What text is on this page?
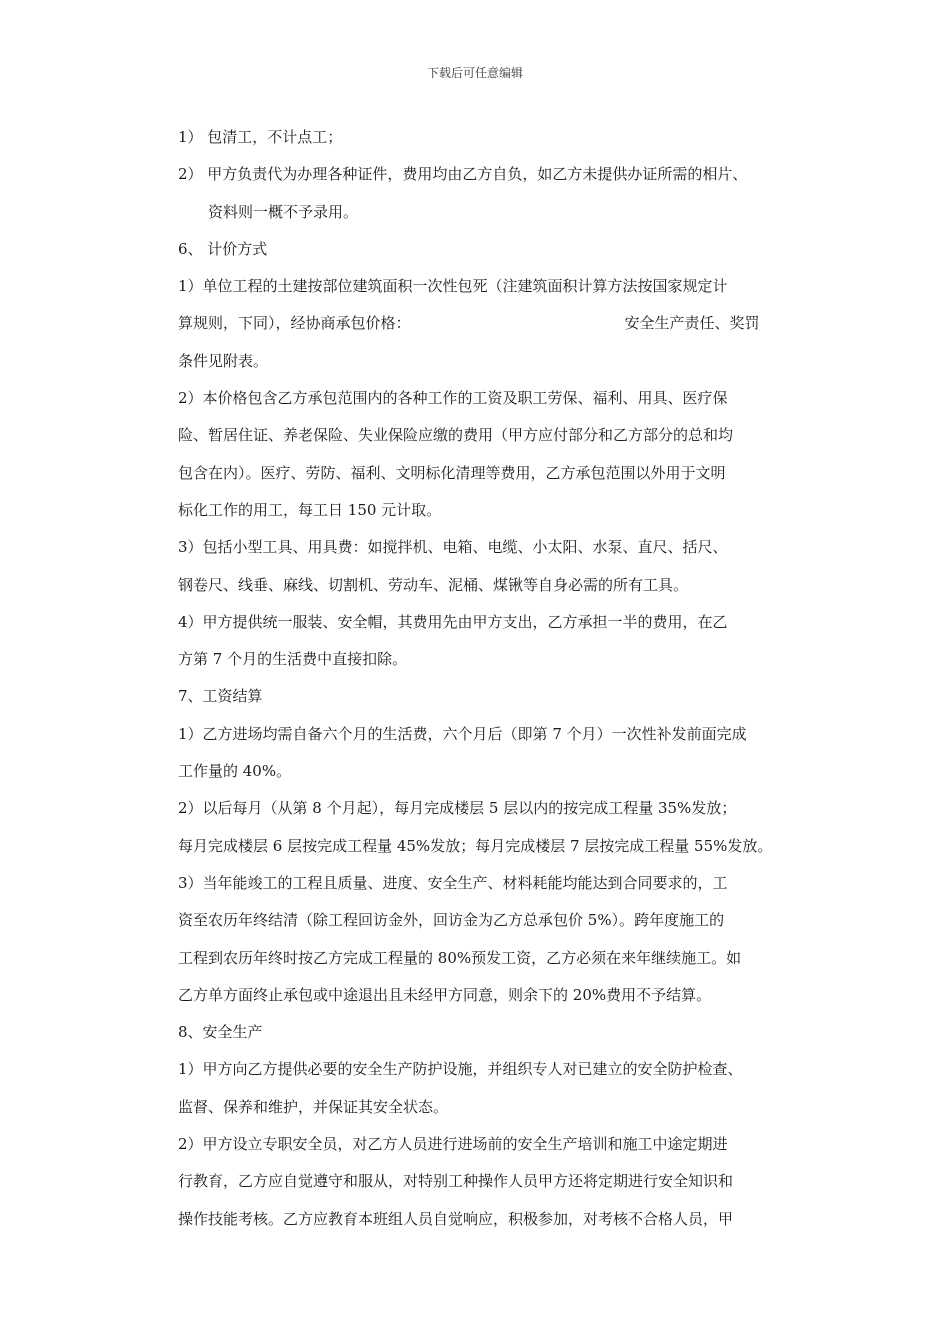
下载后可任意编辑
1） 包清工，不计点工；
2） 甲方负责代为办理各种证件，费用均由乙方自负，如乙方未提供办证所需的相片、
资料则一概不予录用。
6、 计价方式
1）单位工程的土建按部位建筑面积一次性包死（注建筑面积计算方法按国家规定计
算规则，下同），经协商承包价格：	安全生产责任、奖罚
条件见附表。
2）本价格包含乙方承包范围内的各种工作的工资及职工劳保、福利、用具、医疗保
险、暂居住证、养老保险、失业保险应缴的费用（甲方应付部分和乙方部分的总和均
包含在内）。医疗、劳防、福利、文明标化清理等费用，乙方承包范围以外用于文明
标化工作的用工，每工日 150 元计取。
3）包括小型工具、用具费：如搅拌机、电箱、电缆、小太阳、水泵、直尺、括尺、
钢卷尺、线垂、麻线、切割机、劳动车、泥桶、煤锹等自身必需的所有工具。
4）甲方提供统一服装、安全帽，其费用先由甲方支出，乙方承担一半的费用，在乙
方第 7 个月的生活费中直接扣除。
7、工资结算
1）乙方进场均需自备六个月的生活费，六个月后（即第 7 个月）一次性补发前面完成
工作量的 40%。
2）以后每月（从第 8 个月起），每月完成楼层 5 层以内的按完成工程量 35%发放；
每月完成楼层 6 层按完成工程量 45%发放；每月完成楼层 7 层按完成工程量 55%发放。
3）当年能竣工的工程且质量、进度、安全生产、材料耗能均能达到合同要求的，工
资至农历年终结清（除工程回访金外，回访金为乙方总承包价 5%）。跨年度施工的
工程到农历年终时按乙方完成工程量的 80%预发工资，乙方必须在来年继续施工。如
乙方单方面终止承包或中途退出且未经甲方同意，则余下的 20%费用不予结算。
8、安全生产
1）甲方向乙方提供必要的安全生产防护设施，并组织专人对已建立的安全防护检查、
监督、保养和维护，并保证其安全状态。
2）甲方设立专职安全员，对乙方人员进行进场前的安全生产培训和施工中途定期进
行教育，乙方应自觉遵守和服从，对特别工种操作人员甲方还将定期进行安全知识和
操作技能考核。乙方应教育本班组人员自觉响应，积极参加，对考核不合格人员，甲
